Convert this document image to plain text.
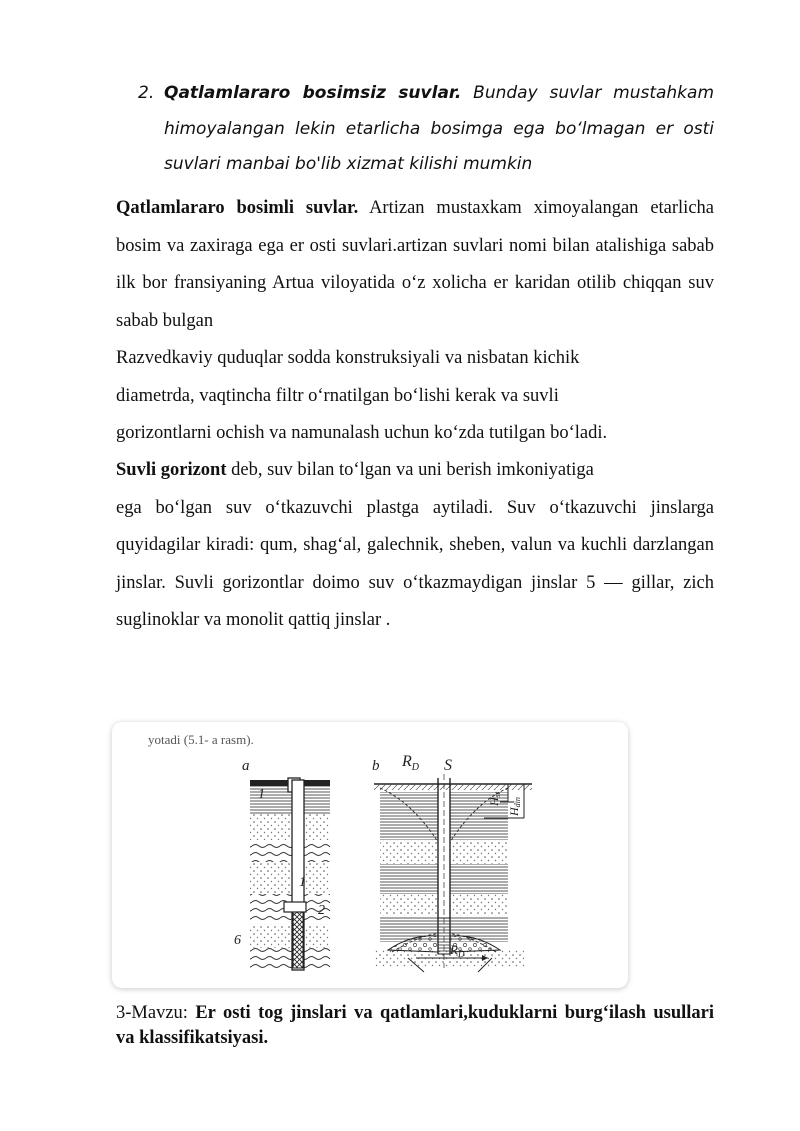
2. Qatlamlararo bosimsiz suvlar. Bunday suvlar mustahkam himoyalangan lekin etarlicha bosimga ega bo‘lmagan er osti suvlari manbai bo'lib xizmat kilishi mumkin
Qatlamlararo bosimli suvlar. Artizan mustaxkam ximoyalangan etarlicha bosim va zaxiraga ega er osti suvlari.artizan suvlari nomi bilan atalishiga sabab ilk bor fransiyaning Artua viloyatida o‘z xolicha er karidan otilib chiqqan suv sabab bulgan
Razvedkaviy quduqlar sodda konstruksiyali va nisbatan kichik
diametrda, vaqtincha filtr o‘rnatilgan bo‘lishi kerak va suvli
gorizontlarni ochish va namunalash uchun ko‘zda tutilgan bo‘ladi.
Suvli gorizont deb, suv bilan to‘lgan va uni berish imkoniyatiga
ega bo‘lgan suv o‘tkazuvchi plastga aytiladi. Suv o‘tkazuvchi jinslarga quyidagilar kiradi: qum, shag‘al, galechnik, sheben, valun va kuchli darzlangan jinslar. Suvli gorizontlar doimo suv o‘tkazmaydigan jinslar 5 — gillar, zich suglinoklar va monolit qattiq jinslar .
yotadi (5.1- a rasm).
a
1
1
2
6
b $R_D$ S
$R_D$
Hst
Hdin
3-Mavzu: Er osti tog jinslari va qatlamlari,kuduklarni burg‘ilash usullari va klassifikatsiyasi.
